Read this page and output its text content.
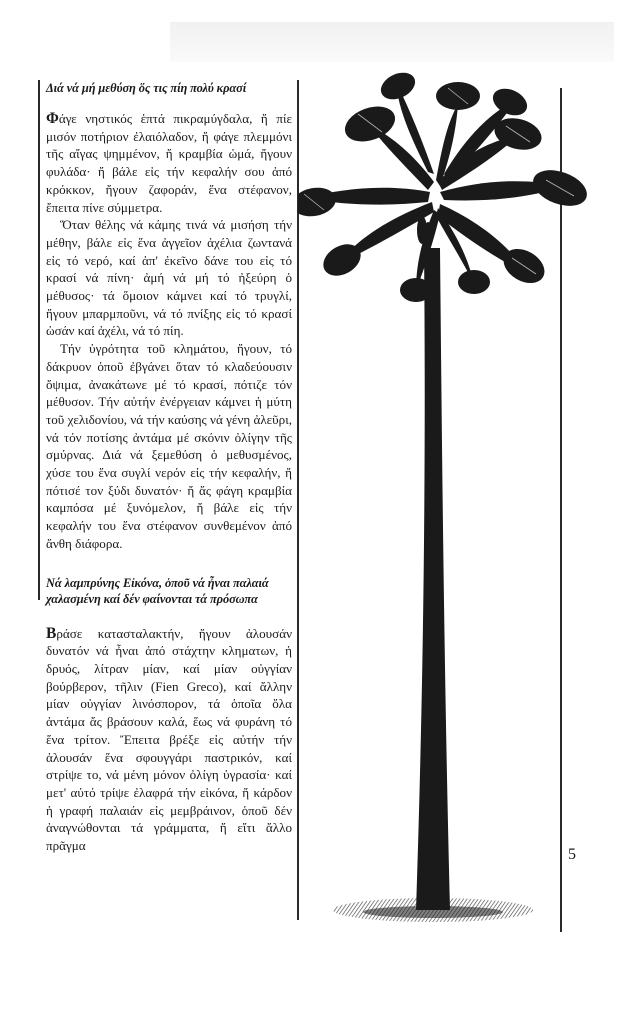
Διά νά μή μεθύση ὅς τις πίη πολύ κρασί

Φάγε νηστικός ἑπτά πικραμύγδαλα, ἤ πίε μισόν ποτήριον ἐλαιόλαδον, ἤ φάγε πλεμμόνι τῆς αἴγας ψημμένον, ἤ κραμβία ὠμά, ἤγουν φυλάδα· ἤ βάλε εἰς τήν κεφαλήν σου ἀπό κρόκκον, ἤγουν ζαφοράν, ἕνα στέφανον, ἔπειτα πίνε σύμμετρα.

Ὅταν θέλης νά κάμης τινά νά μισήση τήν μέθην, βάλε εἰς ἕνα ἀγγεῖον ἀχέλια ζωντανά εἰς τό νερό, καί ἀπ' ἐκεῖνο δάνε του εἰς τό κρασί νά πίνη· ἀμή νά μή τό ἠξεύρη ὁ μέθυσος· τά ὅμοιον κάμνει καί τό τρυγλί, ἤγουν μπαρμποῦνι, νά τό πνίξης εἰς τό κρασί ὡσάν καί ἀχέλι, νά τό πίη.

Τήν ὑγρότητα τοῦ κλημάτου, ἤγουν, τό δάκρυον ὁποῦ ἐβγάνει ὅταν τό κλαδεύουσιν ὄψιμα, ἀνακάτωνε μέ τό κρασί, πότιζε τόν μέθυσον. Τήν αὐτήν ἐνέργειαν κάμνει ἡ μύτη τοῦ χελιδονίου, νά τήν καύσης νά γένη ἀλεῦρι, νά τόν ποτίσης ἀντάμα μέ σκόνιν ὀλίγην τῆς σμύρνας. Διά νά ξεμεθύση ὁ μεθυσμένος, χύσε του ἕνα συγλί νερόν εἰς τήν κεφαλήν, ἤ πότισέ τον ξύδι δυνατόν· ἤ ἄς φάγη κραμβία καμπόσα μέ ξυνόμελον, ἤ βάλε εἰς τήν κεφαλήν του ἕνα στέφανον συνθεμένον ἀπό ἄνθη διάφορα.

Νά λαμπρύνης Εἰκόνα, ὁποῦ νά ἦναι παλαιά
χαλασμένη καί δέν φαίνονται τά πρόσωπα

Βράσε κατασταλακτήν, ἤγουν ἀλουσάν δυνατόν νά ἦναι ἀπό στάχτην κληματων, ἡ δρυός, λίτραν μίαν, καί μίαν οὐγγίαν βούρβερον, τῆλιν (Fien Greco), καί ἄλλην μίαν οὐγγίαν λινόσπορον, τά ὁποῖα ὅλα ἀντάμα ἄς βράσουν καλά, ἕως νά φυράνη τό ἕνα τρίτον. Ἔπειτα βρέξε εἰς αὐτήν τήν ἀλουσάν ἕνα σφουγγάρι παστρικόν, καί στρίψε το, νά μένη μόνον ὀλίγη ὑγρασία· καί μετ' αὐτό τρίψε ἐλαφρά τήν εἰκόνα, ἤ κάρδον ἡ γραφή παλαιάν εἰς μεμβράινον, ὁποῦ δέν ἀναγνώθονται τά γράμματα, ἤ εἴτι ἄλλο πρᾶγμα

5
